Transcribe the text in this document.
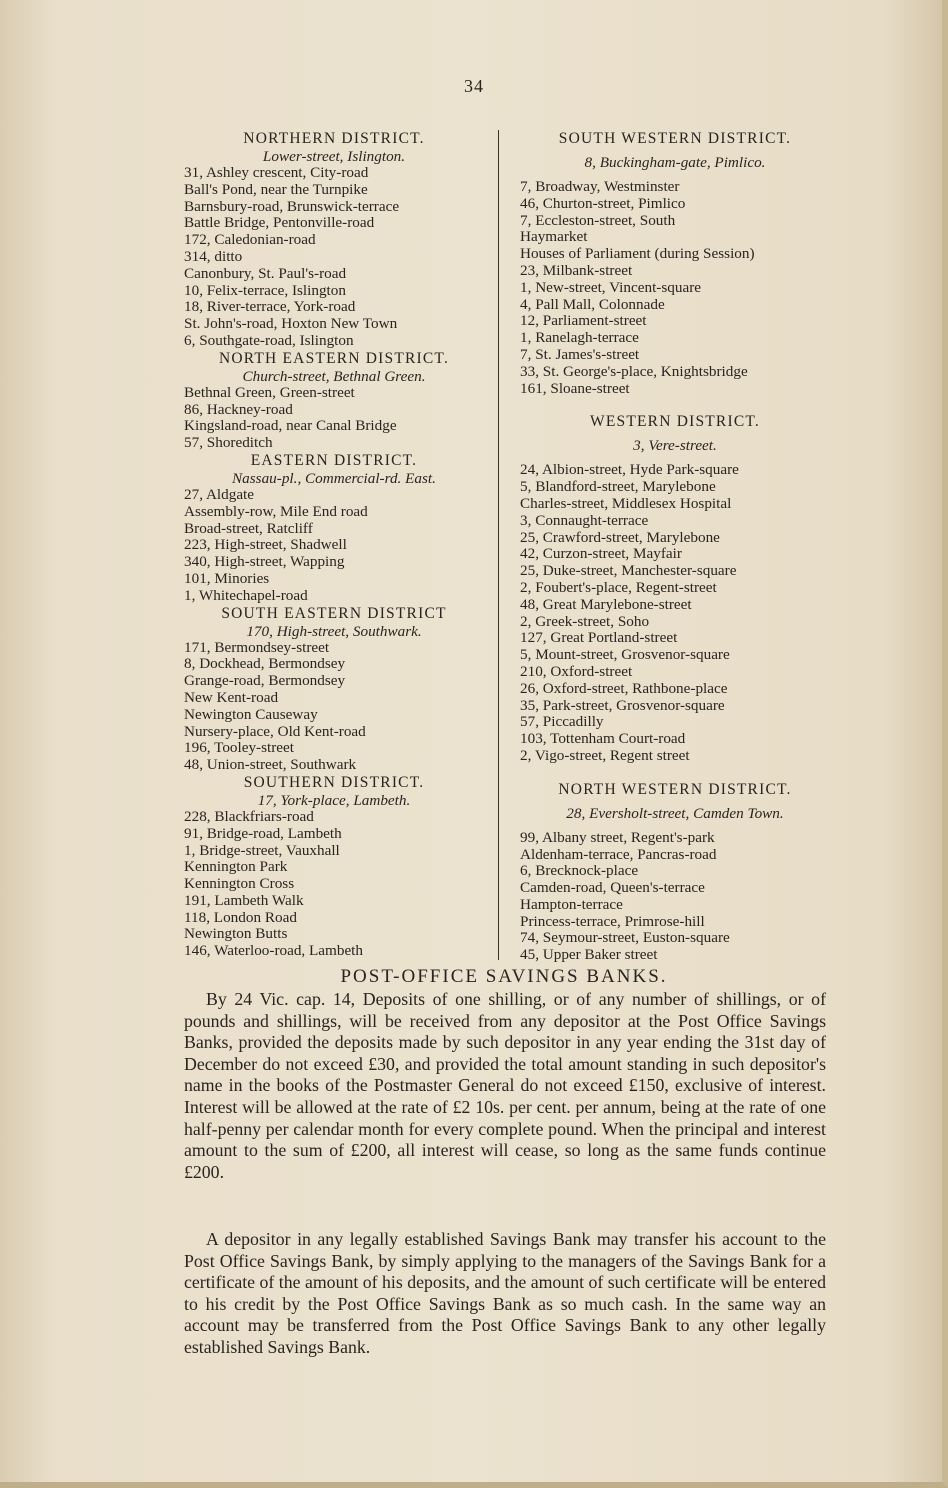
34
NORTHERN DISTRICT.
Lower-street, Islington.
31, Ashley crescent, City-road
Ball's Pond, near the Turnpike
Barnsbury-road, Brunswick-terrace
Battle Bridge, Pentonville-road
172, Caledonian-road
314, ditto
Canonbury, St. Paul's-road
10, Felix-terrace, Islington
18, River-terrace, York-road
St. John's-road, Hoxton New Town
6, Southgate-road, Islington
NORTH EASTERN DISTRICT.
Church-street, Bethnal Green.
Bethnal Green, Green-street
86, Hackney-road
Kingsland-road, near Canal Bridge
57, Shoreditch
EASTERN DISTRICT.
Nassau-pl., Commercial-rd. East.
27, Aldgate
Assembly-row, Mile End road
Broad-street, Ratcliff
223, High-street, Shadwell
340, High-street, Wapping
101, Minories
1, Whitechapel-road
SOUTH EASTERN DISTRICT
170, High-street, Southwark.
171, Bermondsey-street
8, Dockhead, Bermondsey
Grange-road, Bermondsey
New Kent-road
Newington Causeway
Nursery-place, Old Kent-road
196, Tooley-street
48, Union-street, Southwark
SOUTHERN DISTRICT.
17, York-place, Lambeth.
228, Blackfriars-road
91, Bridge-road, Lambeth
1, Bridge-street, Vauxhall
Kennington Park
Kennington Cross
191, Lambeth Walk
118, London Road
Newington Butts
146, Waterloo-road, Lambeth
SOUTH WESTERN DISTRICT.
8, Buckingham-gate, Pimlico.
7, Broadway, Westminster
46, Churton-street, Pimlico
7, Eccleston-street, South
Haymarket
Houses of Parliament (during Session)
23, Milbank-street
1, New-street, Vincent-square
4, Pall Mall, Colonnade
12, Parliament-street
1, Ranelagh-terrace
7, St. James's-street
33, St. George's-place, Knightsbridge
161, Sloane-street
WESTERN DISTRICT.
3, Vere-street.
24, Albion-street, Hyde Park-square
5, Blandford-street, Marylebone
Charles-street, Middlesex Hospital
3, Connaught-terrace
25, Crawford-street, Marylebone
42, Curzon-street, Mayfair
25, Duke-street, Manchester-square
2, Foubert's-place, Regent-street
48, Great Marylebone-street
2, Greek-street, Soho
127, Great Portland-street
5, Mount-street, Grosvenor-square
210, Oxford-street
26, Oxford-street, Rathbone-place
35, Park-street, Grosvenor-square
57, Piccadilly
103, Tottenham Court-road
2, Vigo-street, Regent street
NORTH WESTERN DISTRICT.
28, Eversholt-street, Camden Town.
99, Albany street, Regent's-park
Aldenham-terrace, Pancras-road
6, Brecknock-place
Camden-road, Queen's-terrace
Hampton-terrace
Princess-terrace, Primrose-hill
74, Seymour-street, Euston-square
45, Upper Baker street
POST-OFFICE SAVINGS BANKS.
By 24 Vic. cap. 14, Deposits of one shilling, or of any number of shillings, or of pounds and shillings, will be received from any depositor at the Post Office Savings Banks, provided the deposits made by such depositor in any year ending the 31st day of December do not exceed £30, and provided the total amount standing in such depositor's name in the books of the Postmaster General do not exceed £150, exclusive of interest. Interest will be allowed at the rate of £2 10s. per cent. per annum, being at the rate of one half-penny per calendar month for every complete pound. When the principal and interest amount to the sum of £200, all interest will cease, so long as the same funds continue £200.
A depositor in any legally established Savings Bank may transfer his account to the Post Office Savings Bank, by simply applying to the managers of the Savings Bank for a certificate of the amount of his deposits, and the amount of such certificate will be entered to his credit by the Post Office Savings Bank as so much cash. In the same way an account may be transferred from the Post Office Savings Bank to any other legally established Savings Bank.
